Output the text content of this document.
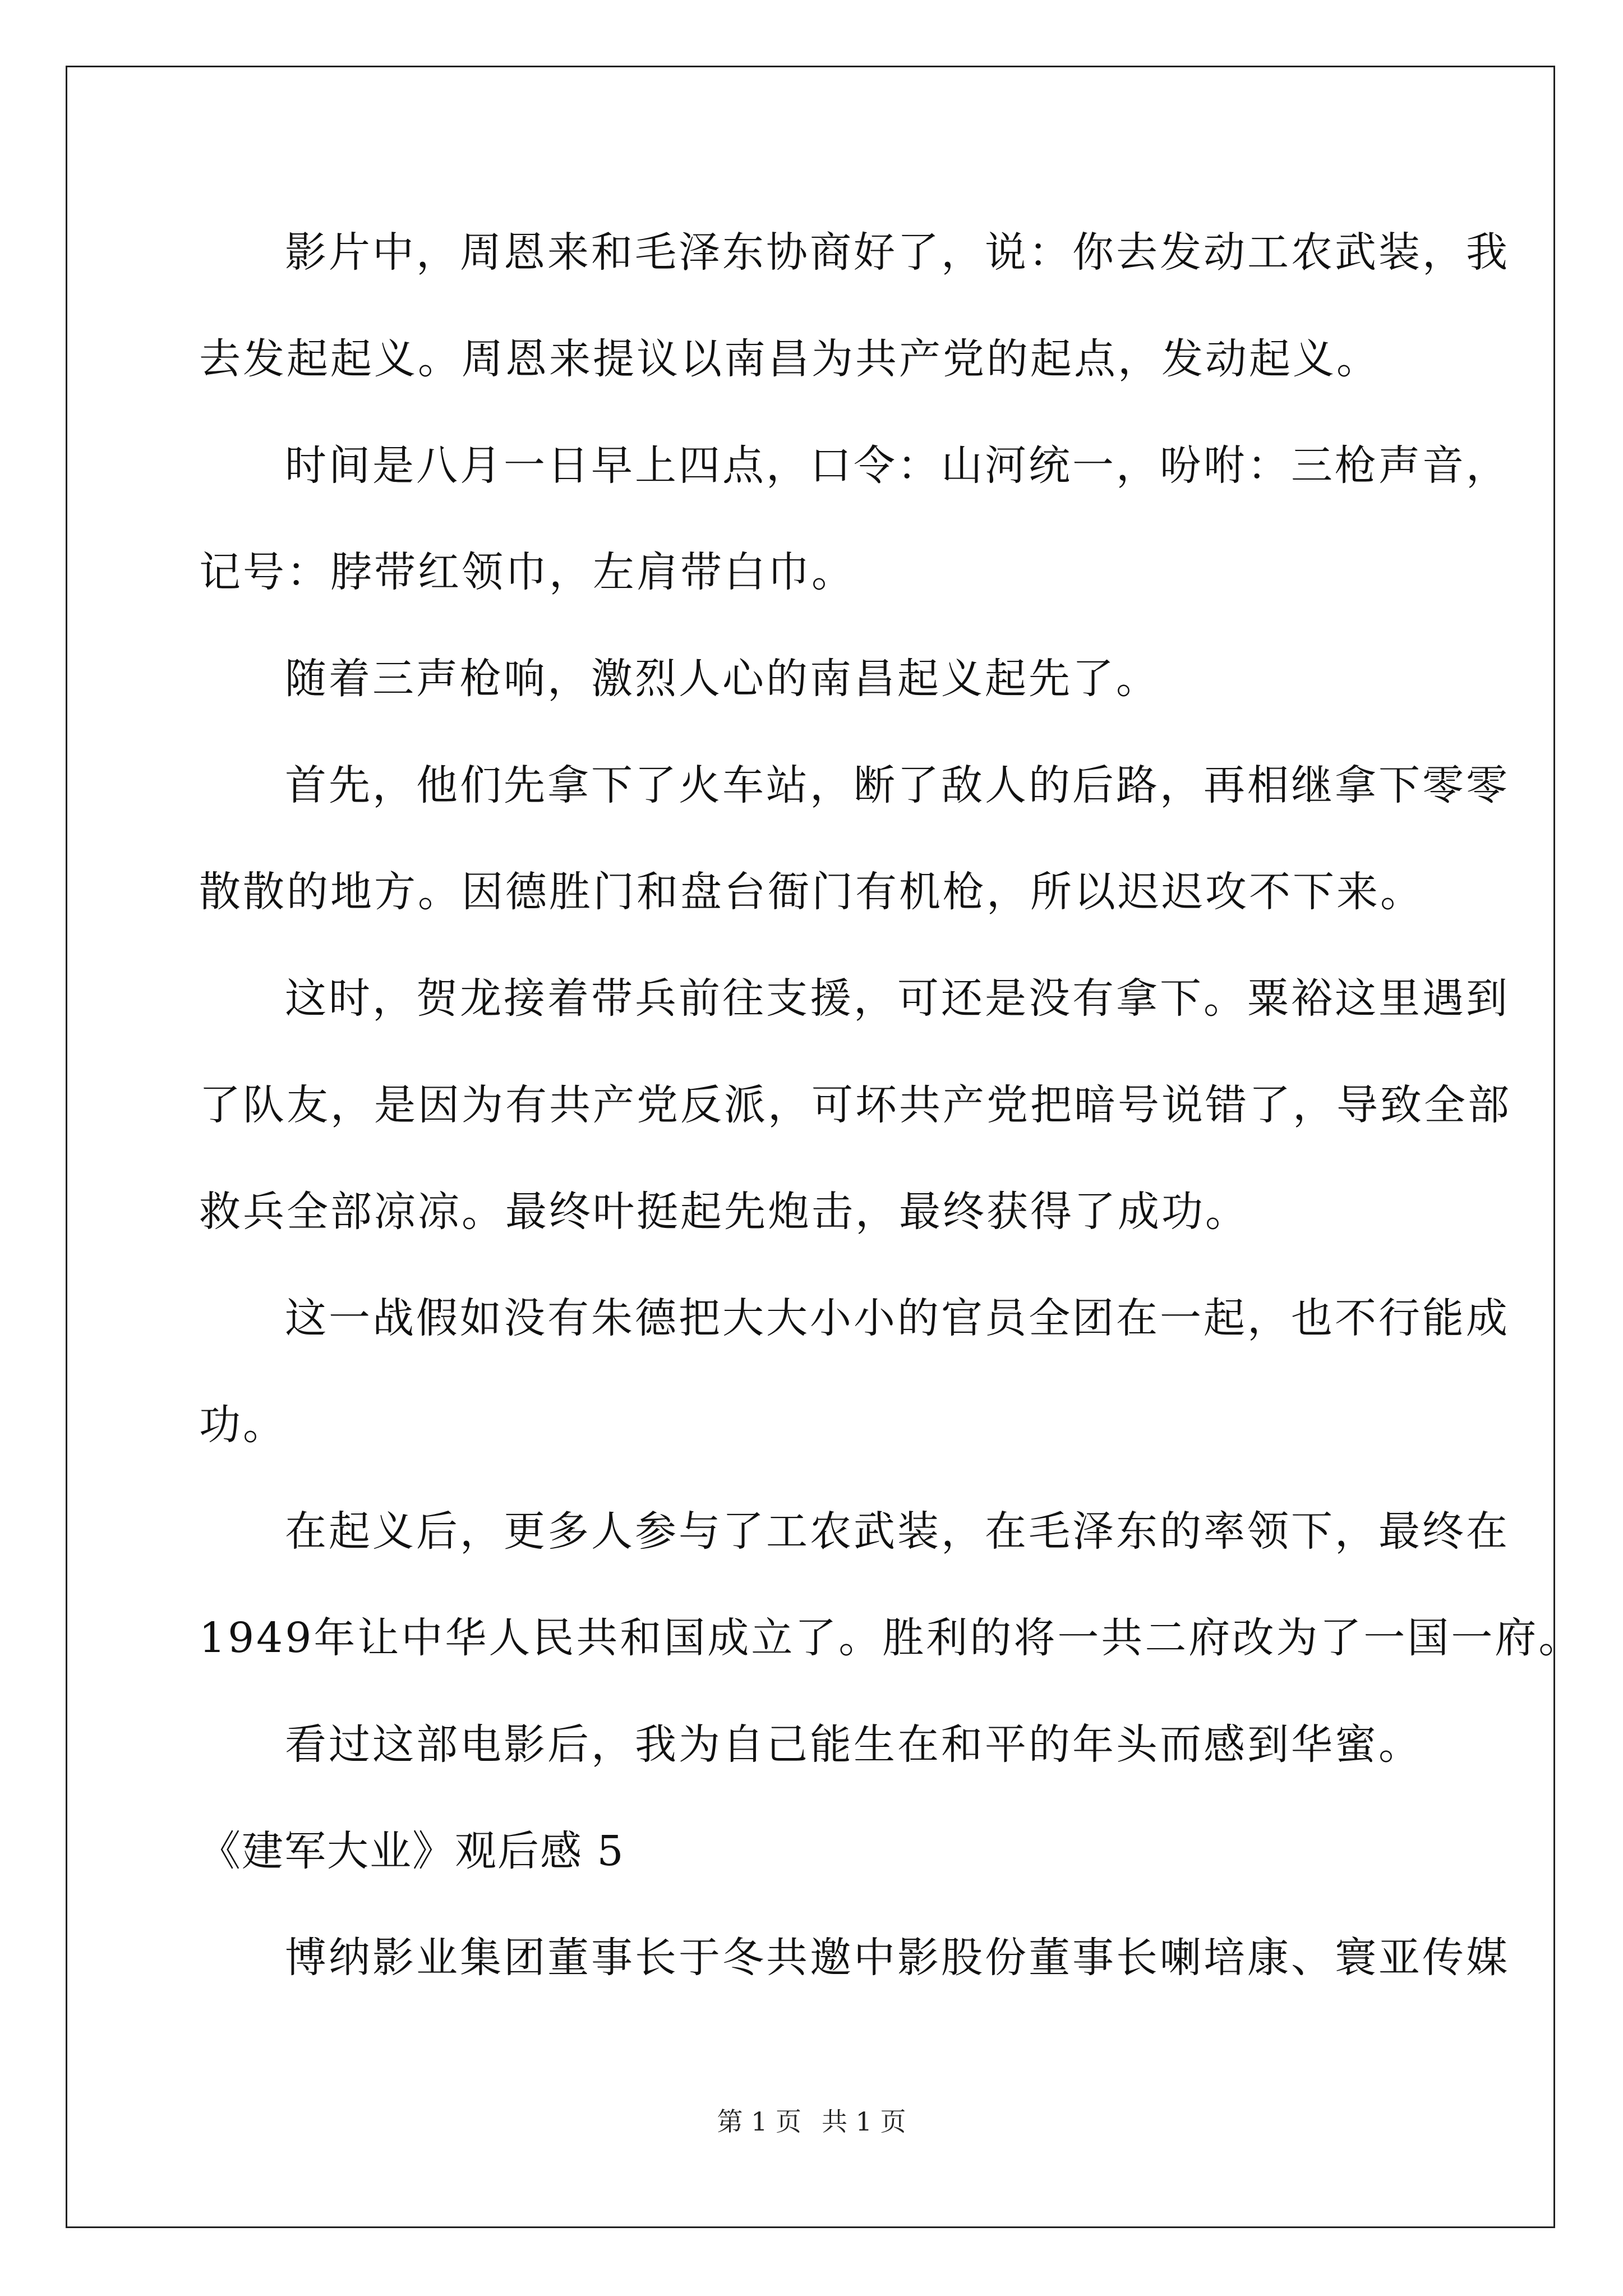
影片中，周恩来和毛泽东协商好了，说：你去发动工农武装，我
去发起起义。周恩来提议以南昌为共产党的起点，发动起义。
时间是八月一日早上四点，口令：山河统一，吩咐：三枪声音，
记号：脖带红领巾，左肩带白巾。
随着三声枪响，激烈人心的南昌起义起先了。
首先，他们先拿下了火车站，断了敌人的后路，再相继拿下零零
散散的地方。因德胜门和盘台衙门有机枪，所以迟迟攻不下来。
这时，贺龙接着带兵前往支援，可还是没有拿下。粟裕这里遇到
了队友，是因为有共产党反派，可坏共产党把暗号说错了，导致全部
救兵全部凉凉。最终叶挺起先炮击，最终获得了成功。
这一战假如没有朱德把大大小小的官员全团在一起，也不行能成
功。
在起义后，更多人参与了工农武装，在毛泽东的率领下，最终在
1949年让中华人民共和国成立了。胜利的将一共二府改为了一国一府。
看过这部电影后，我为自己能生在和平的年头而感到华蜜。
《建军大业》观后感 5
博纳影业集团董事长于冬共邀中影股份董事长喇培康、寰亚传媒
第 1 页 共 1 页
